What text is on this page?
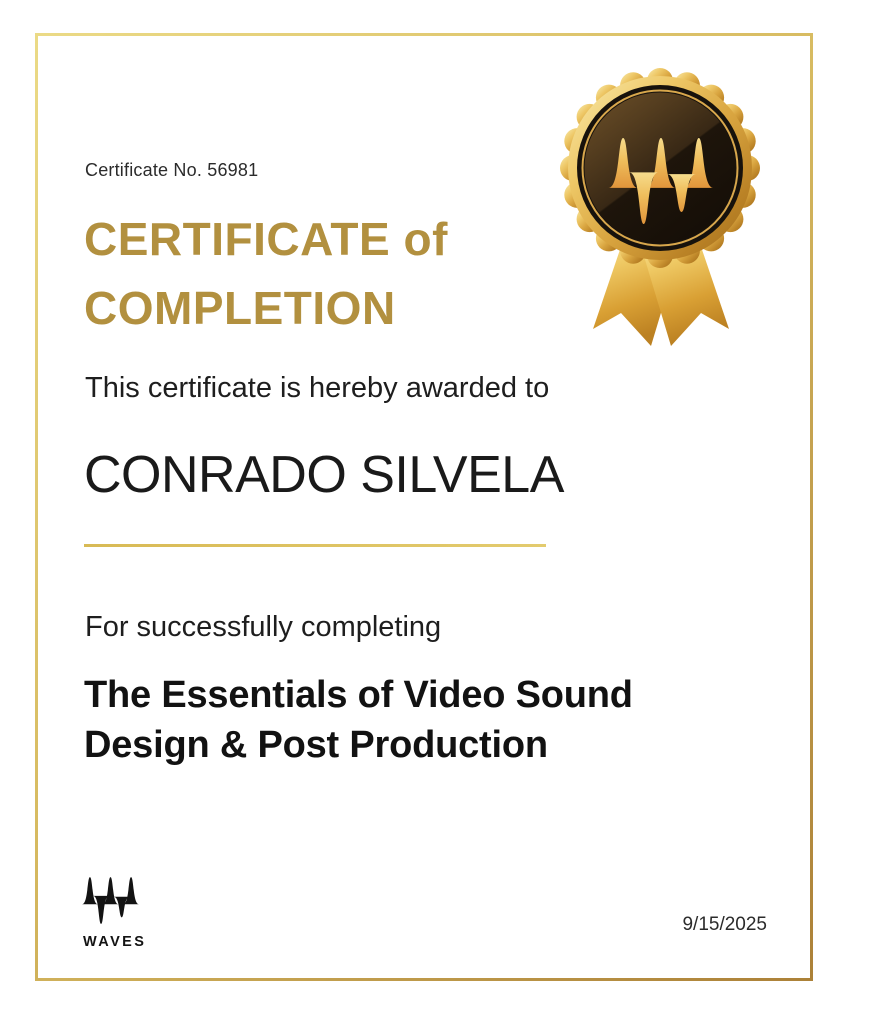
Certificate No. 56981
CERTIFICATE of
COMPLETION
This certificate is hereby awarded to
CONRADO SILVELA
For successfully completing
The Essentials of Video Sound
Design & Post Production
WAVES
9/15/2025
